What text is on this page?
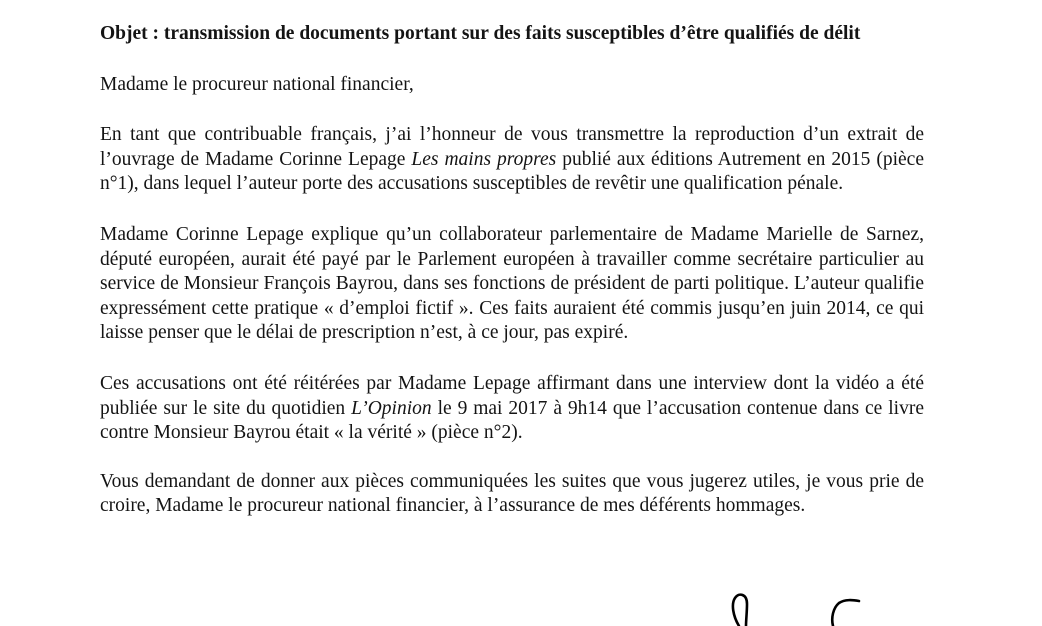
Objet : transmission de documents portant sur des faits susceptibles d’être qualifiés de délit

Madame le procureur national financier,

En tant que contribuable français, j’ai l’honneur de vous transmettre la reproduction d’un extrait de l’ouvrage de Madame Corinne Lepage Les mains propres publié aux éditions Autrement en 2015 (pièce n°1), dans lequel l’auteur porte des accusations susceptibles de revêtir une qualification pénale.

Madame Corinne Lepage explique qu’un collaborateur parlementaire de Madame Marielle de Sarnez, député européen, aurait été payé par le Parlement européen à travailler comme secrétaire particulier au service de Monsieur François Bayrou, dans ses fonctions de président de parti politique. L’auteur qualifie expressément cette pratique « d’emploi fictif ». Ces faits auraient été commis jusqu’en juin 2014, ce qui laisse penser que le délai de prescription n’est, à ce jour, pas expiré.

Ces accusations ont été réitérées par Madame Lepage affirmant dans une interview dont la vidéo a été publiée sur le site du quotidien L’Opinion le 9 mai 2017 à 9h14 que l’accusation contenue dans ce livre contre Monsieur Bayrou était « la vérité » (pièce n°2).

Vous demandant de donner aux pièces communiquées les suites que vous jugerez utiles, je vous prie de croire, Madame le procureur national financier, à l’assurance de mes déférents hommages.
